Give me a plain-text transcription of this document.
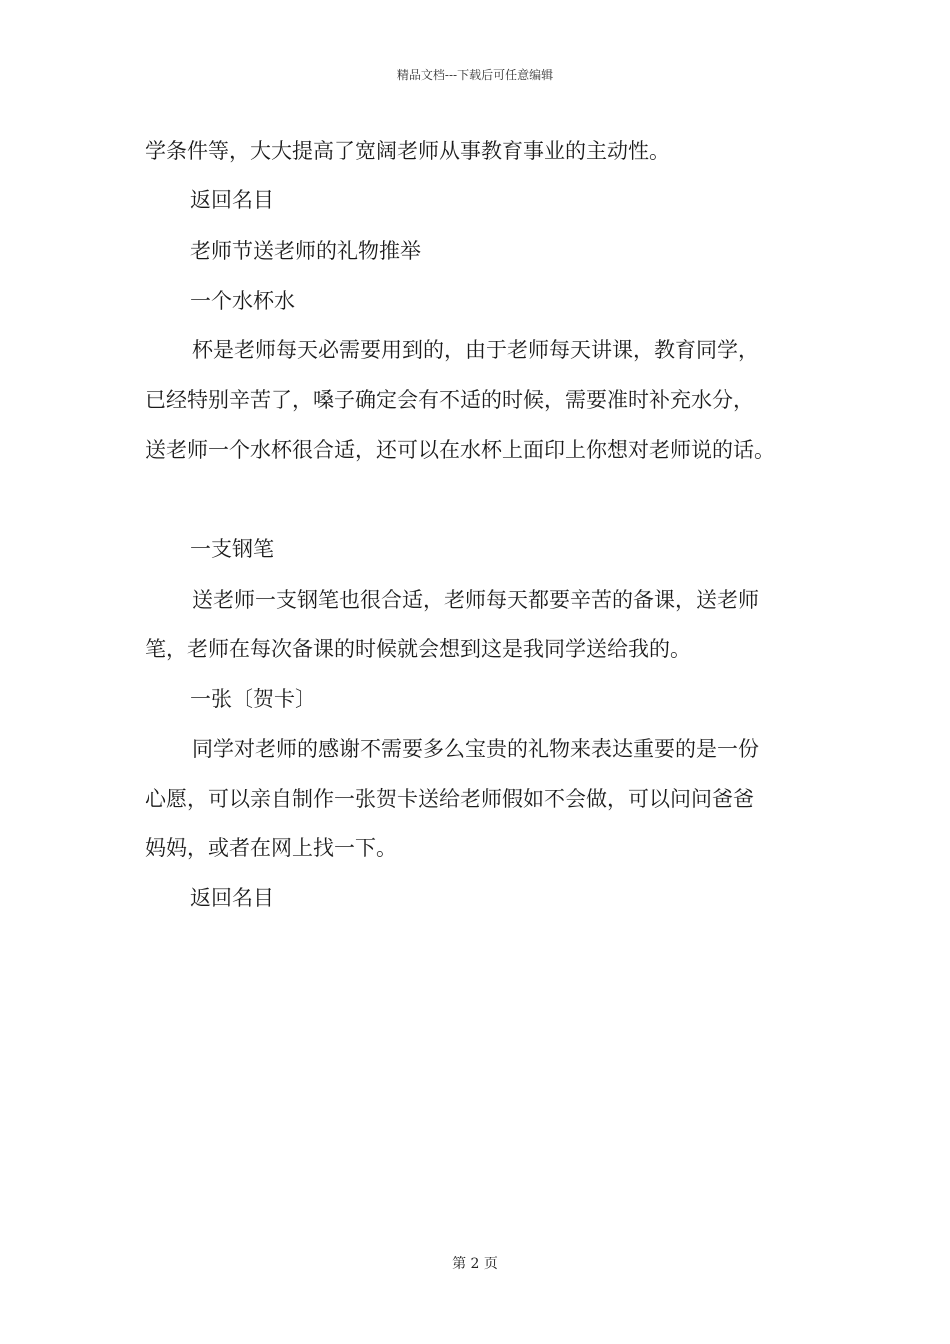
精品文档---下载后可任意编辑
学条件等，大大提高了宽阔老师从事教育事业的主动性。
返回名目
老师节送老师的礼物推举
一个水杯水
杯是老师每天必需要用到的，由于老师每天讲课，教育同学，
已经特别辛苦了，嗓子确定会有不适的时候，需要准时补充水分，
送老师一个水杯很合适，还可以在水杯上面印上你想对老师说的话。
一支钢笔
送老师一支钢笔也很合适，老师每天都要辛苦的备课，送老师
笔，老师在每次备课的时候就会想到这是我同学送给我的。
一张〔贺卡〕
同学对老师的感谢不需要多么宝贵的礼物来表达重要的是一份
心愿，可以亲自制作一张贺卡送给老师假如不会做，可以问问爸爸
妈妈，或者在网上找一下。
返回名目
第 2 页
